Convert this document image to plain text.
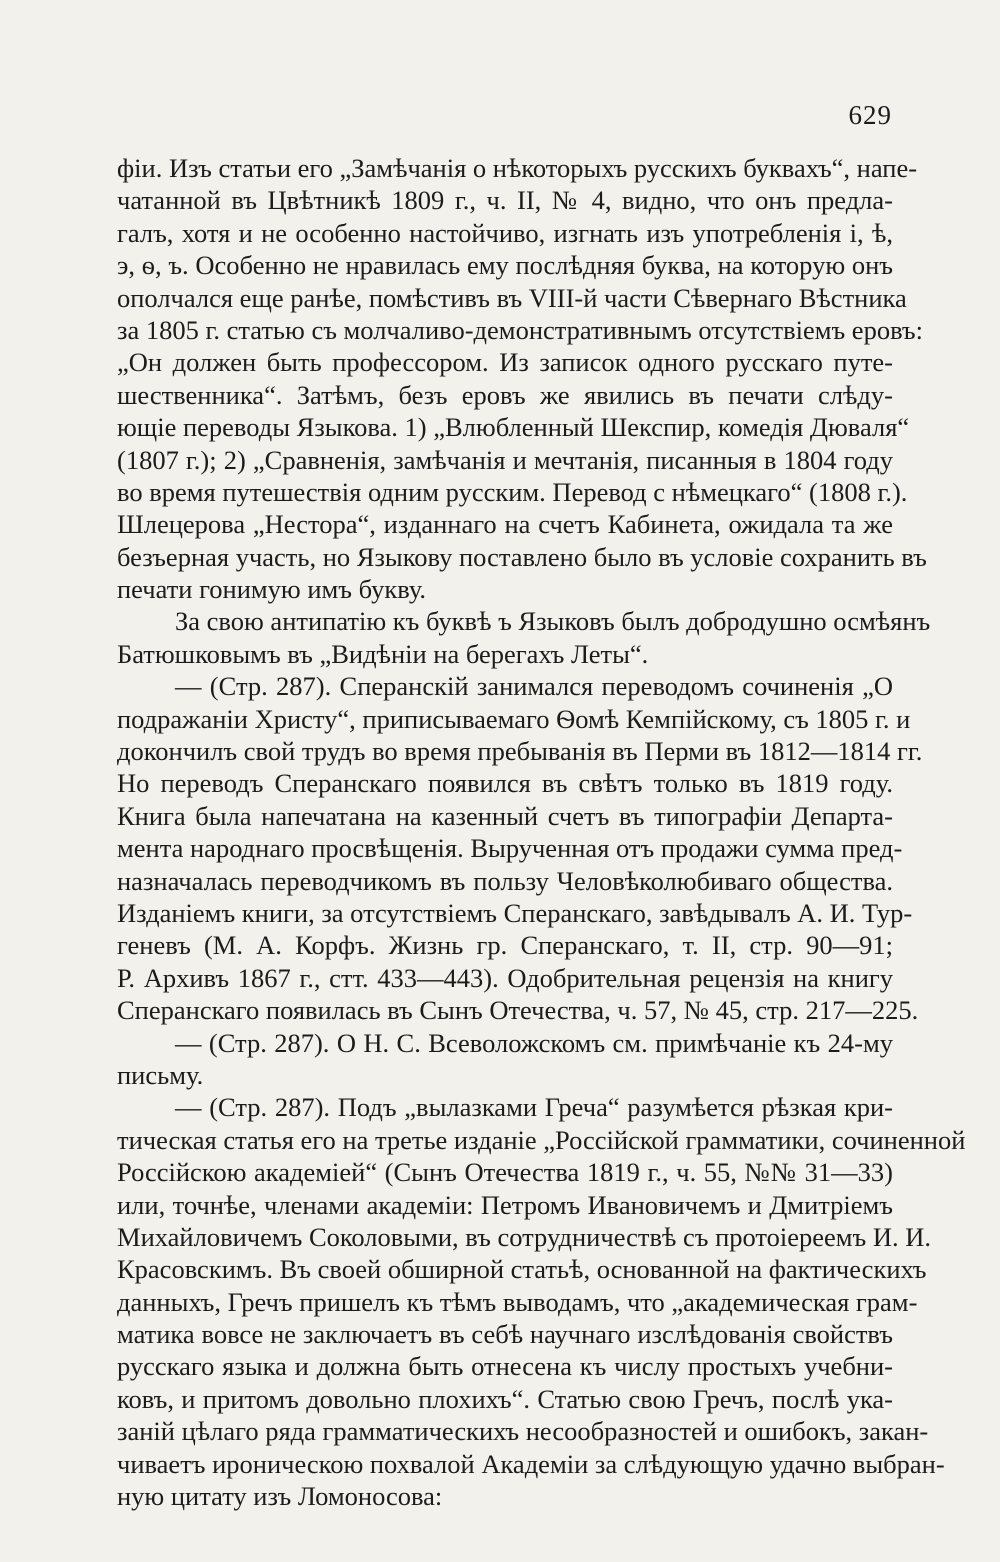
629
фіи. Изъ статьи его „Замѣчанія о нѣкоторыхъ русскихъ буквахъ“, напе-
чатанной въ Цвѣтникѣ 1809 г., ч. II, № 4, видно, что онъ предла-
галъ, хотя и не особенно настойчиво, изгнать изъ употребленія i, ѣ,
э, ѳ, ъ. Особенно не нравилась ему послѣдняя буква, на которую онъ
ополчался еще ранѣе, помѣстивъ въ VIII-й части Сѣвернаго Вѣстника
за 1805 г. статью съ молчаливо-демонстративнымъ отсутствіемъ еровъ:
„Он должен быть профессором. Из записок одного русскаго путе-
шественника“. Затѣмъ, безъ еровъ же явились въ печати слѣду-
ющіе переводы Языкова. 1) „Влюбленный Шекспир, комедія Дюваля“
(1807 г.); 2) „Сравненія, замѣчанія и мечтанія, писанныя в 1804 году
во время путешествія одним русским. Перевод с нѣмецкаго“ (1808 г.).
Шлецерова „Нестора“, изданнаго на счетъ Кабинета, ожидала та же
безъерная участь, но Языкову поставлено было въ условіе сохранить въ
печати гонимую имъ букву.
За свою антипатію къ буквѣ ъ Языковъ былъ добродушно осмѣянъ
Батюшковымъ въ „Видѣніи на берегахъ Леты“.
— (Стр. 287). Сперанскій занимался переводомъ сочиненія „О
подражаніи Христу“, приписываемаго Ѳомѣ Кемпійскому, съ 1805 г. и
докончилъ свой трудъ во время пребыванія въ Перми въ 1812—1814 гг.
Но переводъ Сперанскаго появился въ свѣтъ только въ 1819 году.
Книга была напечатана на казенный счетъ въ типографіи Департа-
мента народнаго просвѣщенія. Вырученная отъ продажи сумма пред-
назначалась переводчикомъ въ пользу Человѣколюбиваго общества.
Изданіемъ книги, за отсутствіемъ Сперанскаго, завѣдывалъ А. И. Тур-
геневъ (М. А. Корфъ. Жизнь гр. Сперанскаго, т. II, стр. 90—91;
Р. Архивъ 1867 г., стт. 433—443). Одобрительная рецензія на книгу
Сперанскаго появилась въ Сынъ Отечества, ч. 57, № 45, стр. 217—225.
— (Стр. 287). О Н. С. Всеволожскомъ см. примѣчаніе къ 24-му
письму.
— (Стр. 287). Подъ „вылазками Греча“ разумѣется рѣзкая кри-
тическая статья его на третье изданіе „Россійской грамматики, сочиненной
Россійскою академіей“ (Сынъ Отечества 1819 г., ч. 55, №№ 31—33)
или, точнѣе, членами академіи: Петромъ Ивановичемъ и Дмитріемъ
Михайловичемъ Соколовыми, въ сотрудничествѣ съ протоіереемъ И. И.
Красовскимъ. Въ своей обширной статьѣ, основанной на фактическихъ
данныхъ, Гречъ пришелъ къ тѣмъ выводамъ, что „академическая грам-
матика вовсе не заключаетъ въ себѣ научнаго изслѣдованія свойствъ
русскаго языка и должна быть отнесена къ числу простыхъ учебни-
ковъ, и притомъ довольно плохихъ“. Статью свою Гречъ, послѣ ука-
заній цѣлаго ряда грамматическихъ несообразностей и ошибокъ, закан-
чиваетъ ироническою похвалой Академіи за слѣдующую удачно выбран-
ную цитату изъ Ломоносова:
